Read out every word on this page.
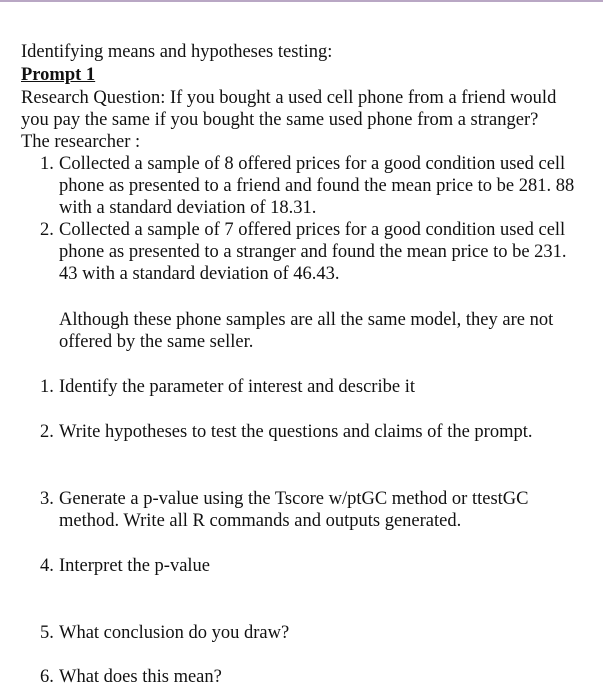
Identifying means and hypotheses testing:
Prompt 1
Research Question: If you bought a used cell phone from a friend would
you pay the same if you bought the same used phone from a stranger?
The researcher :
1. Collected a sample of 8 offered prices for a good condition used cell
phone as presented to a friend and found the mean price to be 281. 88
with a standard deviation of 18.31.
2. Collected a sample of 7 offered prices for a good condition used cell
phone as presented to a stranger and found the mean price to be 231.
43 with a standard deviation of 46.43.
Although these phone samples are all the same model, they are not
offered by the same seller.
1. Identify the parameter of interest and describe it
2. Write hypotheses to test the questions and claims of the prompt.
3. Generate a p-value using the Tscore w/ptGC method or ttestGC
method. Write all R commands and outputs generated.
4. Interpret the p-value
5. What conclusion do you draw?
6. What does this mean?
